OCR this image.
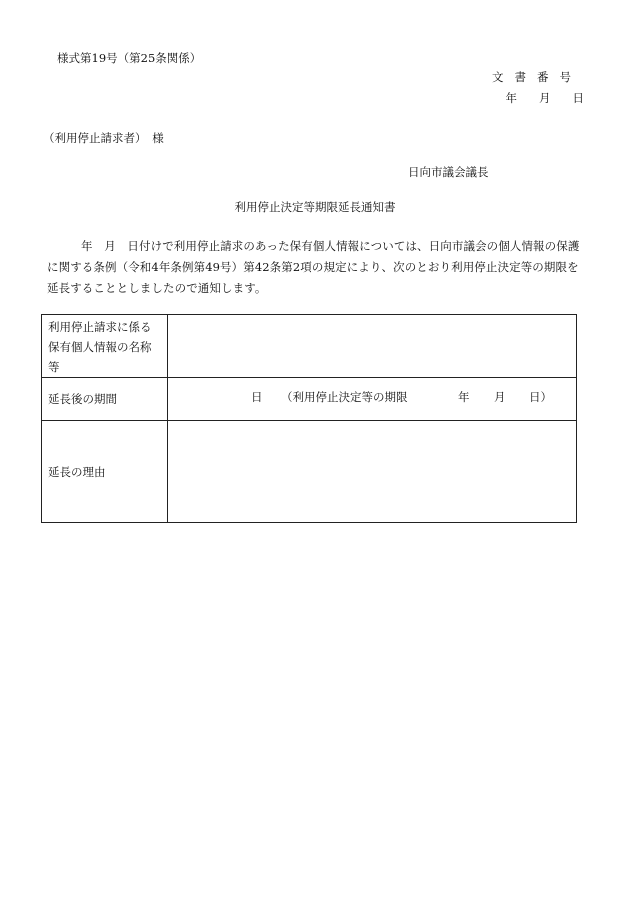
様式第19号（第25条関係）
文書番号
年 月 日
（利用停止請求者）　様
日向市議会議長
利用停止決定等期限延長通知書
年　月　日付けで利用停止請求のあった保有個人情報については、日向市議会の個人情報の保護に関する条例（令和4年条例第49号）第42条第2項の規定により、次のとおり利用停止決定等の期限を延長することとしましたので通知します。
利用停止請求に係る保有個人情報の名称等	
延長後の期間	日 （利用停止決定等の期限 年 月 日）

延長の理由	
